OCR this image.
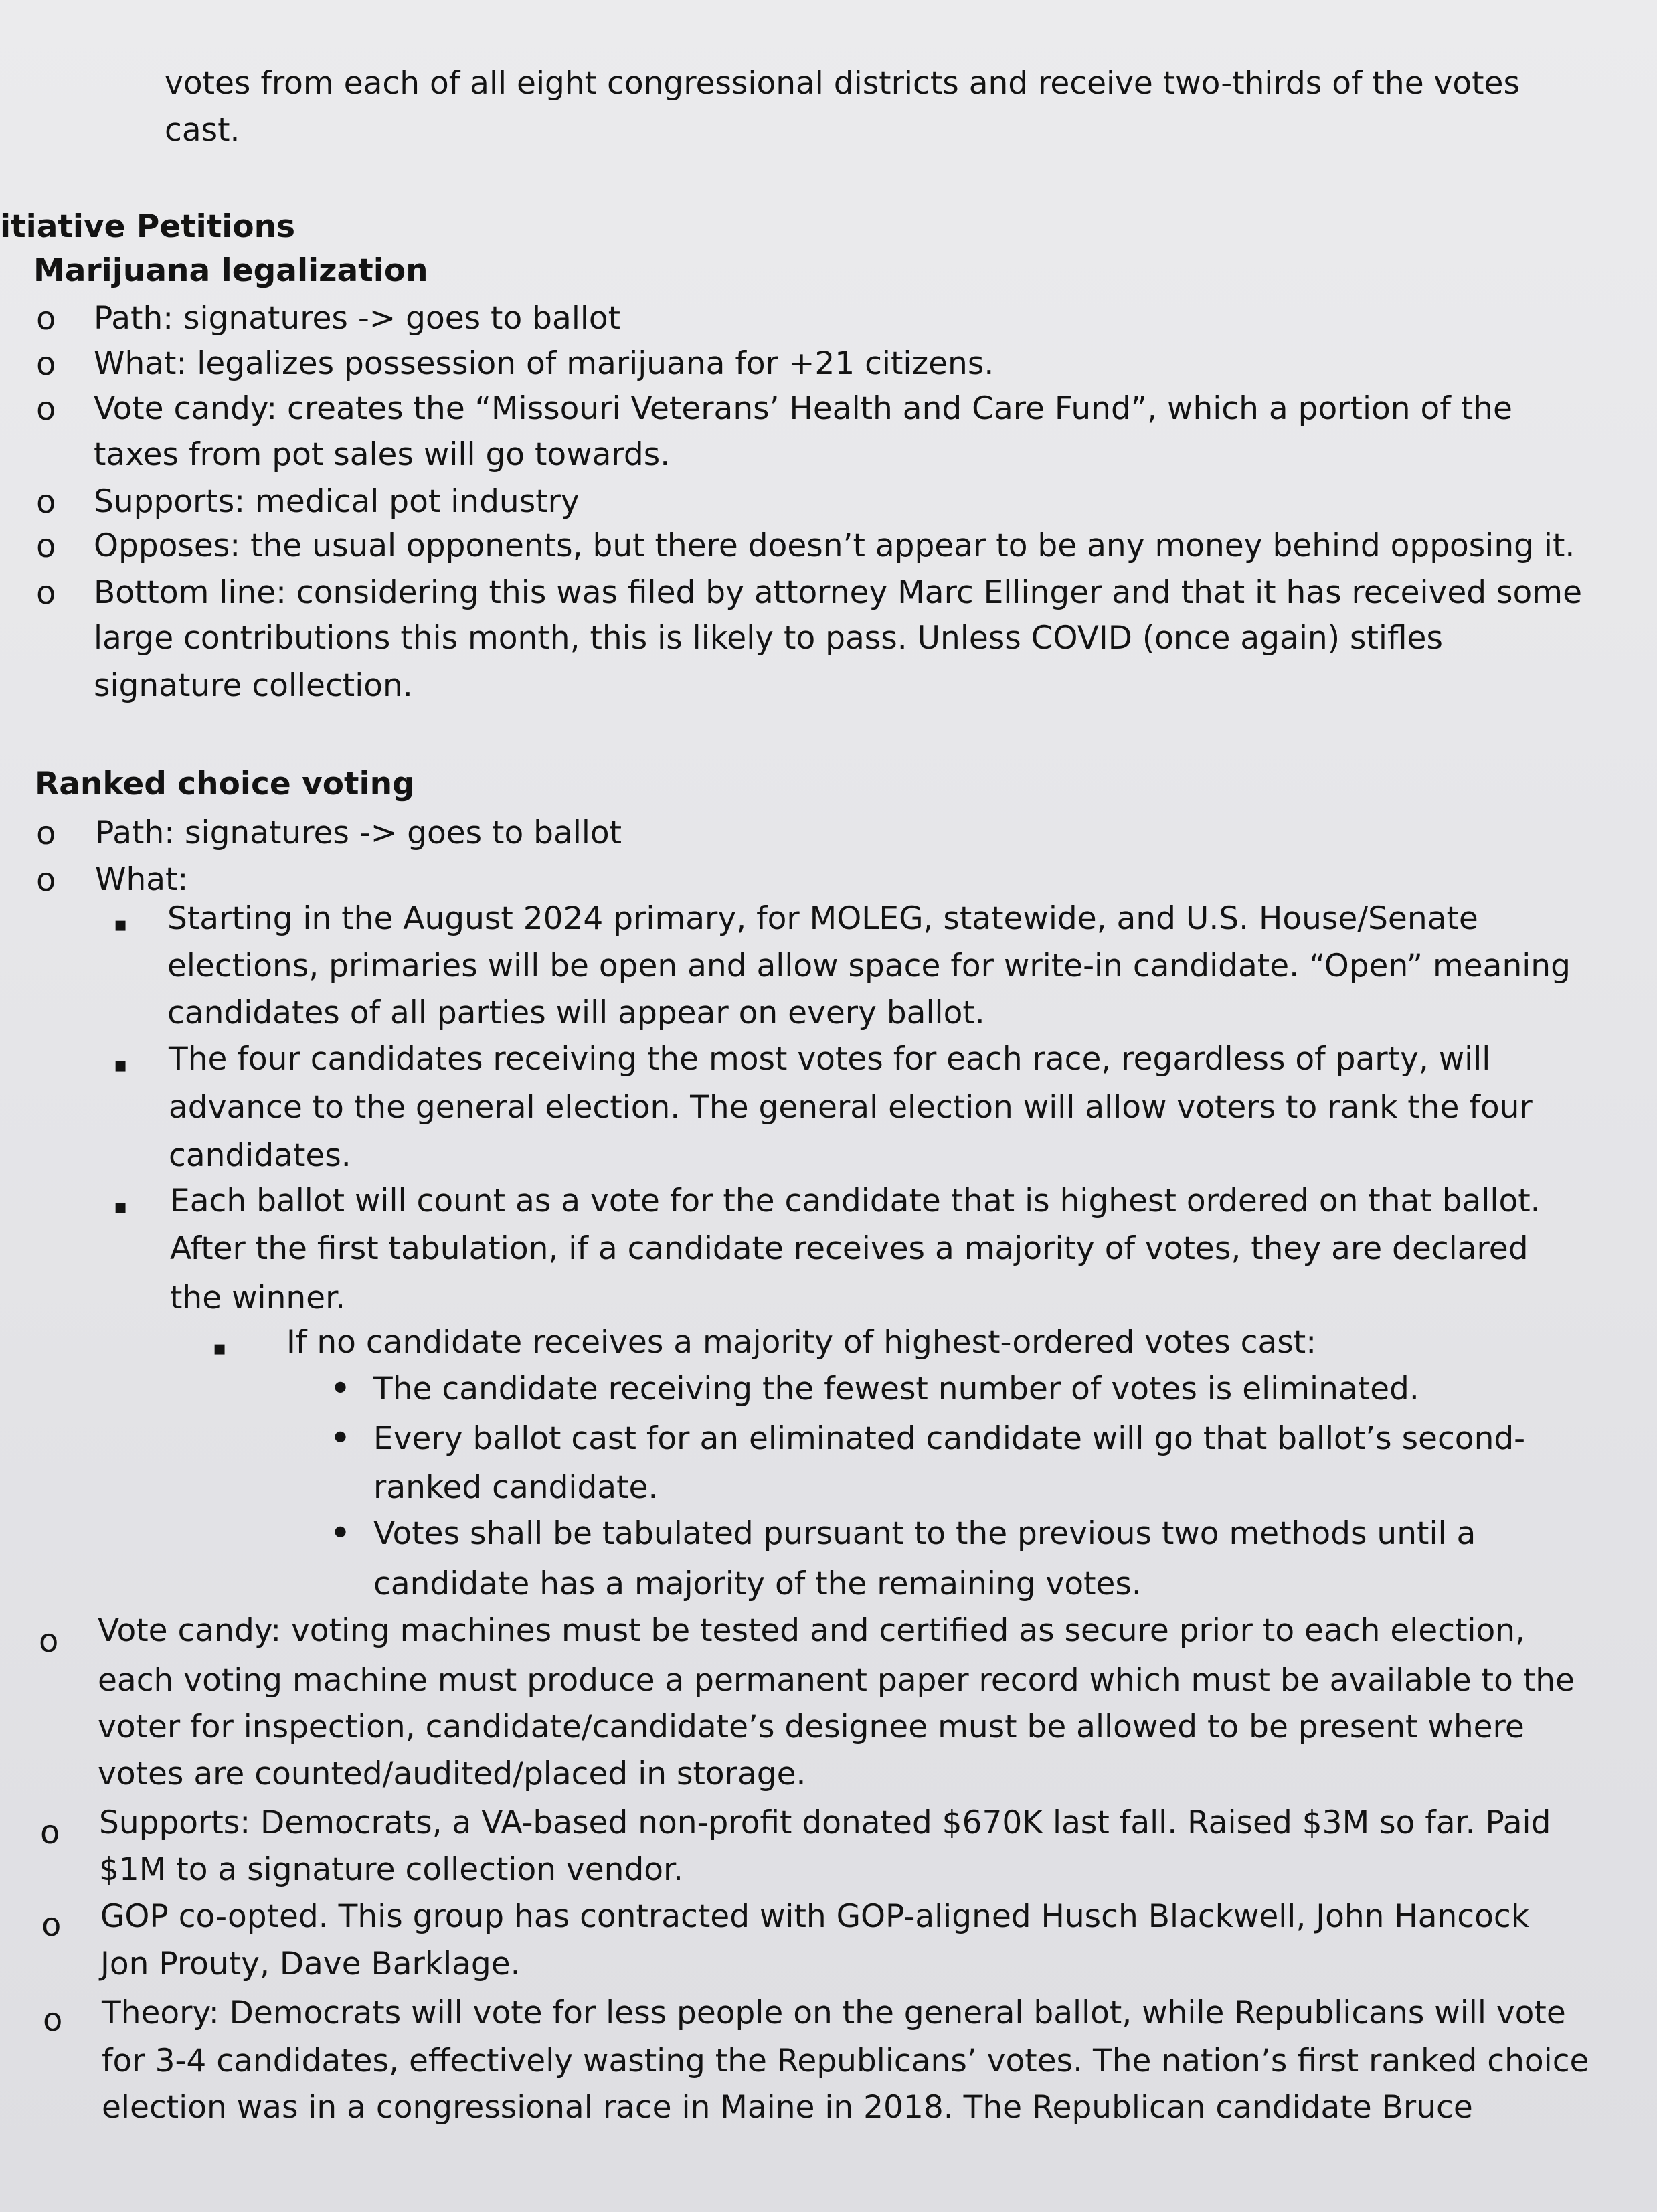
votes from each of all eight congressional districts and receive two-thirds of the votes

cast.

itiative Petitions

Marijuana legalization

o Path: signatures -> goes to ballot

o What: legalizes possession of marijuana for +21 citizens.

o Vote candy: creates the “Missouri Veterans’ Health and Care Fund”, which a portion of the

taxes from pot sales will go towards.

o Supports: medical pot industry

o Opposes: the usual opponents, but there doesn’t appear to be any money behind opposing it.

o Bottom line: considering this was filed by attorney Marc Ellinger and that it has received some

large contributions this month, this is likely to pass. Unless COVID (once again) stifles

signature collection.

Ranked choice voting

o Path: signatures -> goes to ballot

o What:

▪ Starting in the August 2024 primary, for MOLEG, statewide, and U.S. House/Senate

elections, primaries will be open and allow space for write-in candidate. “Open” meaning

candidates of all parties will appear on every ballot.

▪ The four candidates receiving the most votes for each race, regardless of party, will

advance to the general election. The general election will allow voters to rank the four

candidates.

▪ Each ballot will count as a vote for the candidate that is highest ordered on that ballot.

After the first tabulation, if a candidate receives a majority of votes, they are declared

the winner.

▪ If no candidate receives a majority of highest-ordered votes cast:

• The candidate receiving the fewest number of votes is eliminated.

• Every ballot cast for an eliminated candidate will go that ballot’s second-

ranked candidate.

• Votes shall be tabulated pursuant to the previous two methods until a

candidate has a majority of the remaining votes.

o Vote candy: voting machines must be tested and certified as secure prior to each election,

each voting machine must produce a permanent paper record which must be available to the

voter for inspection, candidate/candidate’s designee must be allowed to be present where

votes are counted/audited/placed in storage.

o Supports: Democrats, a VA-based non-profit donated $670K last fall. Raised $3M so far. Paid

$1M to a signature collection vendor.

o GOP co-opted. This group has contracted with GOP-aligned Husch Blackwell, John Hancock

Jon Prouty, Dave Barklage.

o Theory: Democrats will vote for less people on the general ballot, while Republicans will vote

for 3-4 candidates, effectively wasting the Republicans’ votes. The nation’s first ranked choice

election was in a congressional race in Maine in 2018. The Republican candidate Bruce
